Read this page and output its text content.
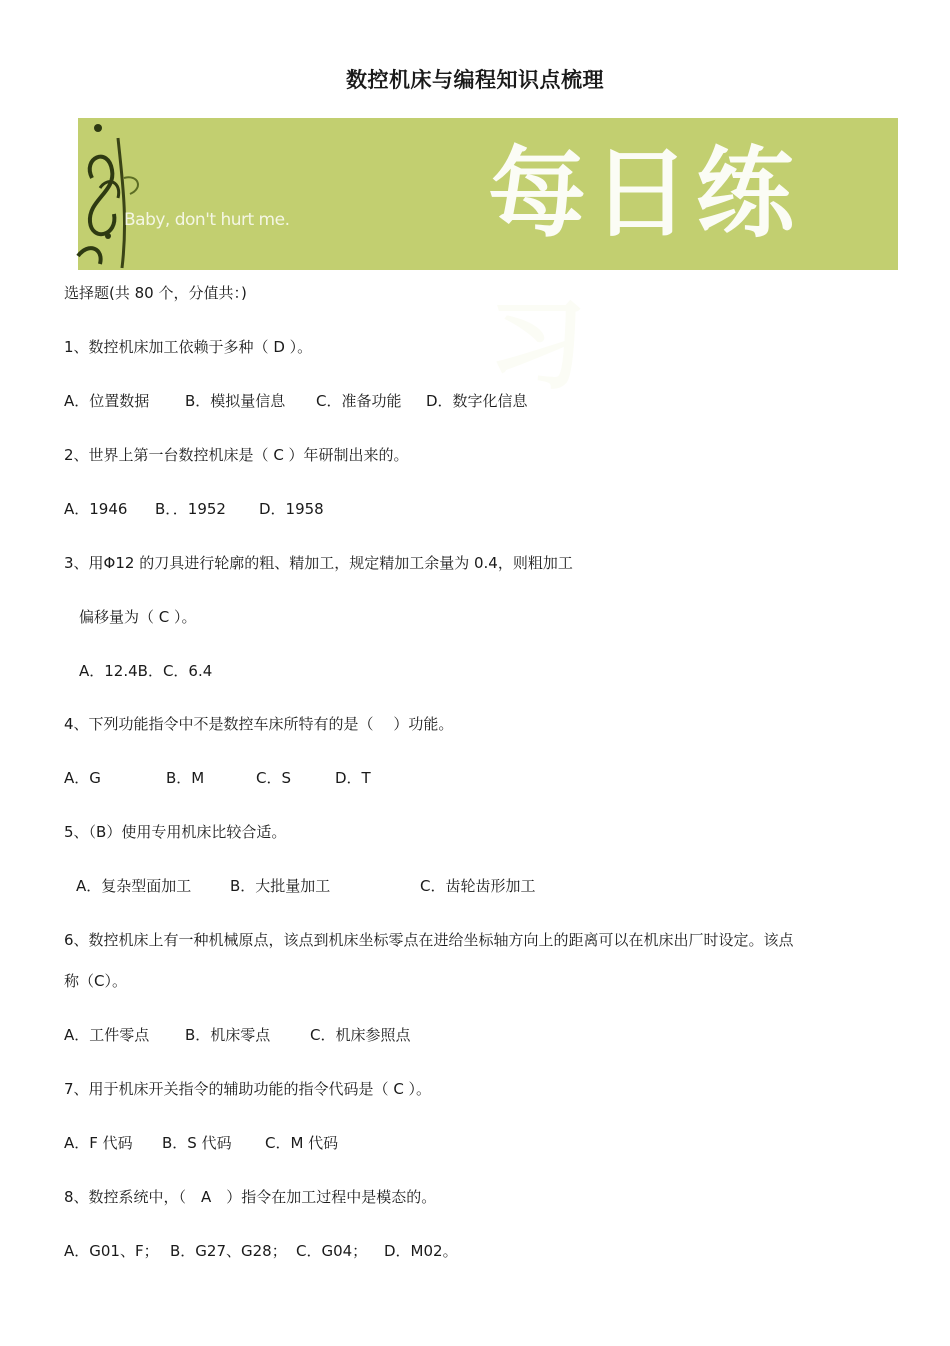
数控机床与编程知识点梳理
Baby, don't hurt me. 每日练习
选择题(共 80 个，分值共：)
1、数控机床加工依赖于多种（ D ）。
A．位置数据 B．模拟量信息 C．准备功能 D．数字化信息
2、世界上第一台数控机床是（ C ）年研制出来的。
A．1946 B．．1952 D．1958
3、用Φ12 的刀具进行轮廓的粗、精加工，规定精加工余量为 0.4，则粗加工
偏移量为（ C ）。
A．12.4B．C．6.4
4、下列功能指令中不是数控车床所特有的是（　 ）功能。
A．G	B．M	C．S	D．T
5、（B）使用专用机床比较合适。
A．复杂型面加工	B．大批量加工	C．齿轮齿形加工
6、数控机床上有一种机械原点，该点到机床坐标零点在进给坐标轴方向上的距离可以在机床出厂时设定。该点
称（C）。
A．工件零点 B．机床零点	C．机床参照点
7、用于机床开关指令的辅助功能的指令代码是（ C ）。
A．F 代码 B．S 代码 C．M 代码
8、数控系统中，（　A　）指令在加工过程中是模态的。
A．G01、F； B．G27、G28； C．G04； D．M02。
